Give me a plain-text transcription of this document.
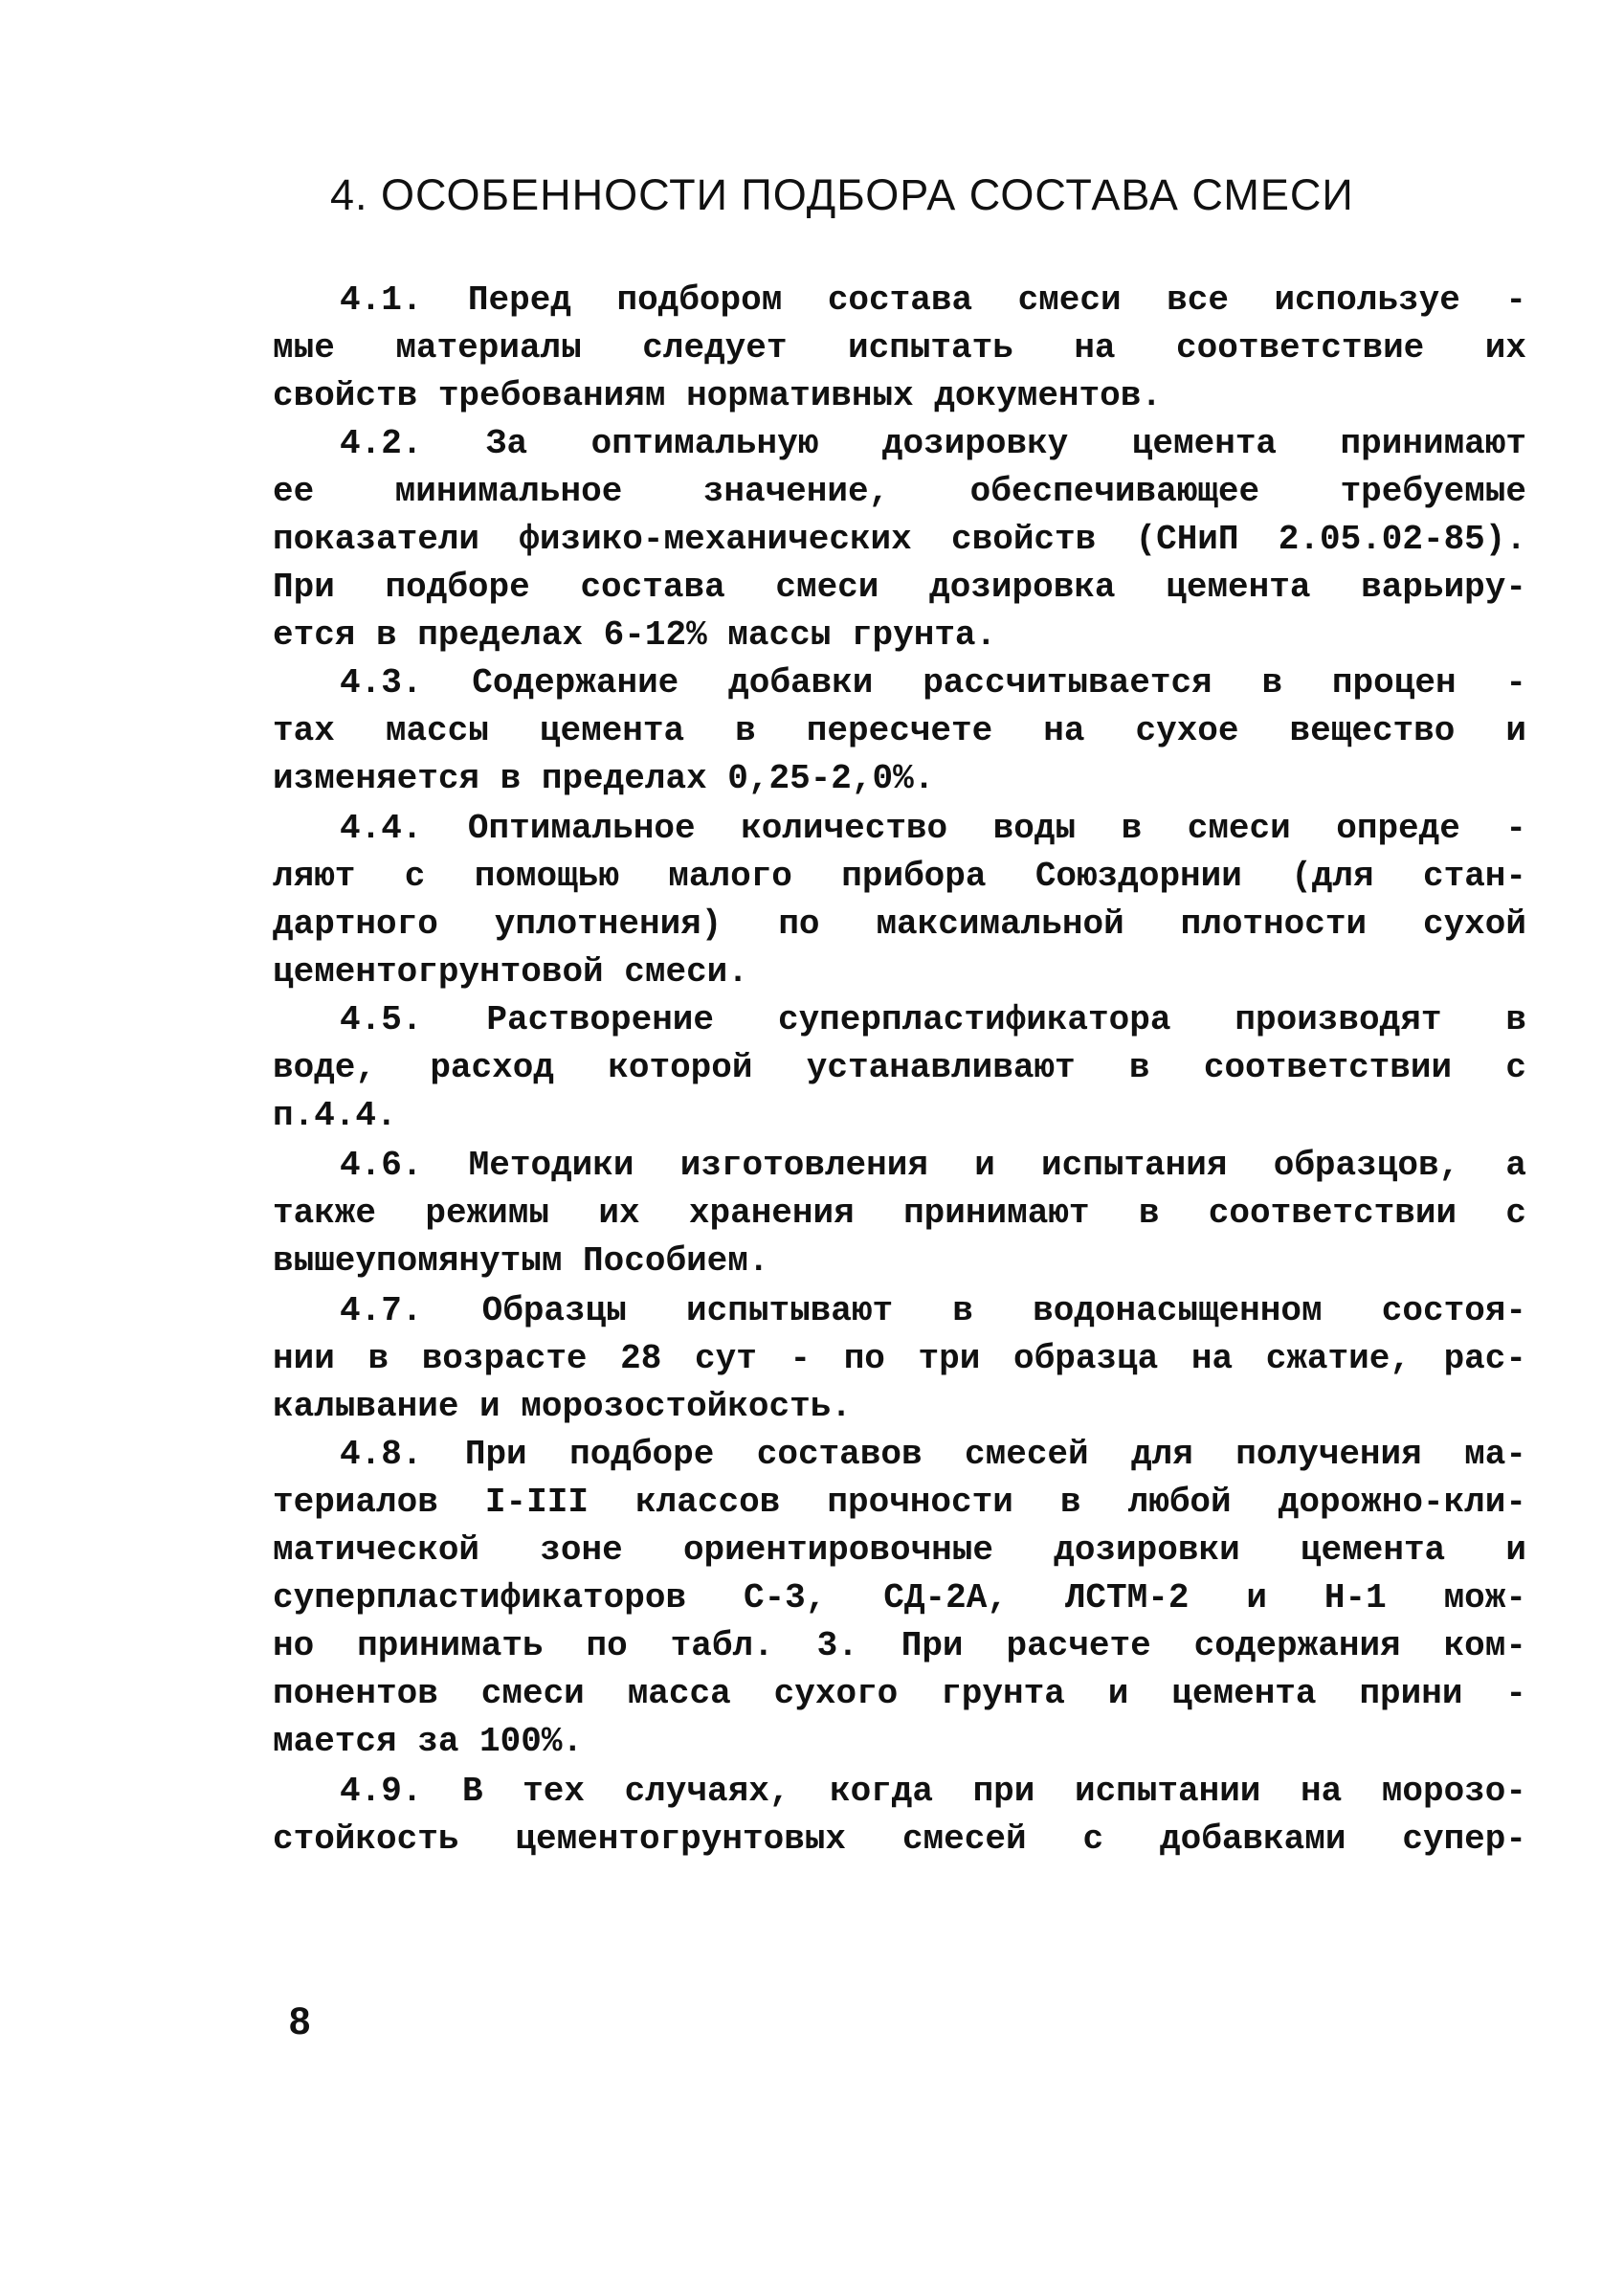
4. ОСОБЕННОСТИ ПОДБОРА СОСТАВА СМЕСИ
4.1. Перед подбором состава смеси все используе -
мые материалы следует испытать на соответствие их
свойств требованиям нормативных документов.
4.2. За оптимальную дозировку цемента принимают
ее минимальное значение, обеспечивающее требуемые
показатели физико-механических свойств (СНиП 2.05.02-85).
При подборе состава смеси дозировка цемента варьиру-
ется в пределах 6-12% массы грунта.
4.3. Содержание добавки рассчитывается в процен -
тах массы цемента в пересчете на сухое вещество и
изменяется в пределах 0,25-2,0%.
4.4. Оптимальное количество воды в смеси опреде -
ляют с помощью малого прибора Союздорнии (для стан-
дартного уплотнения) по максимальной плотности сухой
цементогрунтовой смеси.
4.5. Растворение суперпластификатора производят в
воде, расход которой устанавливают в соответствии с
п.4.4.
4.6. Методики изготовления и испытания образцов, а
также режимы их хранения принимают в соответствии с
вышеупомянутым Пособием.
4.7. Образцы испытывают в водонасыщенном состоя-
нии в возрасте 28 сут - по три образца на сжатие, рас-
калывание и морозостойкость.
4.8. При подборе составов смесей для получения ма-
териалов I-III классов прочности в любой дорожно-кли-
матической зоне ориентировочные дозировки цемента и
суперпластификаторов С-3, СД-2А, ЛСТМ-2 и Н-1 мож-
но принимать по табл. 3. При расчете содержания ком-
понентов смеси масса сухого грунта и цемента прини -
мается за 100%.
4.9. В тех случаях, когда при испытании на морозо-
стойкость цементогрунтовых смесей с добавками супер-
8
